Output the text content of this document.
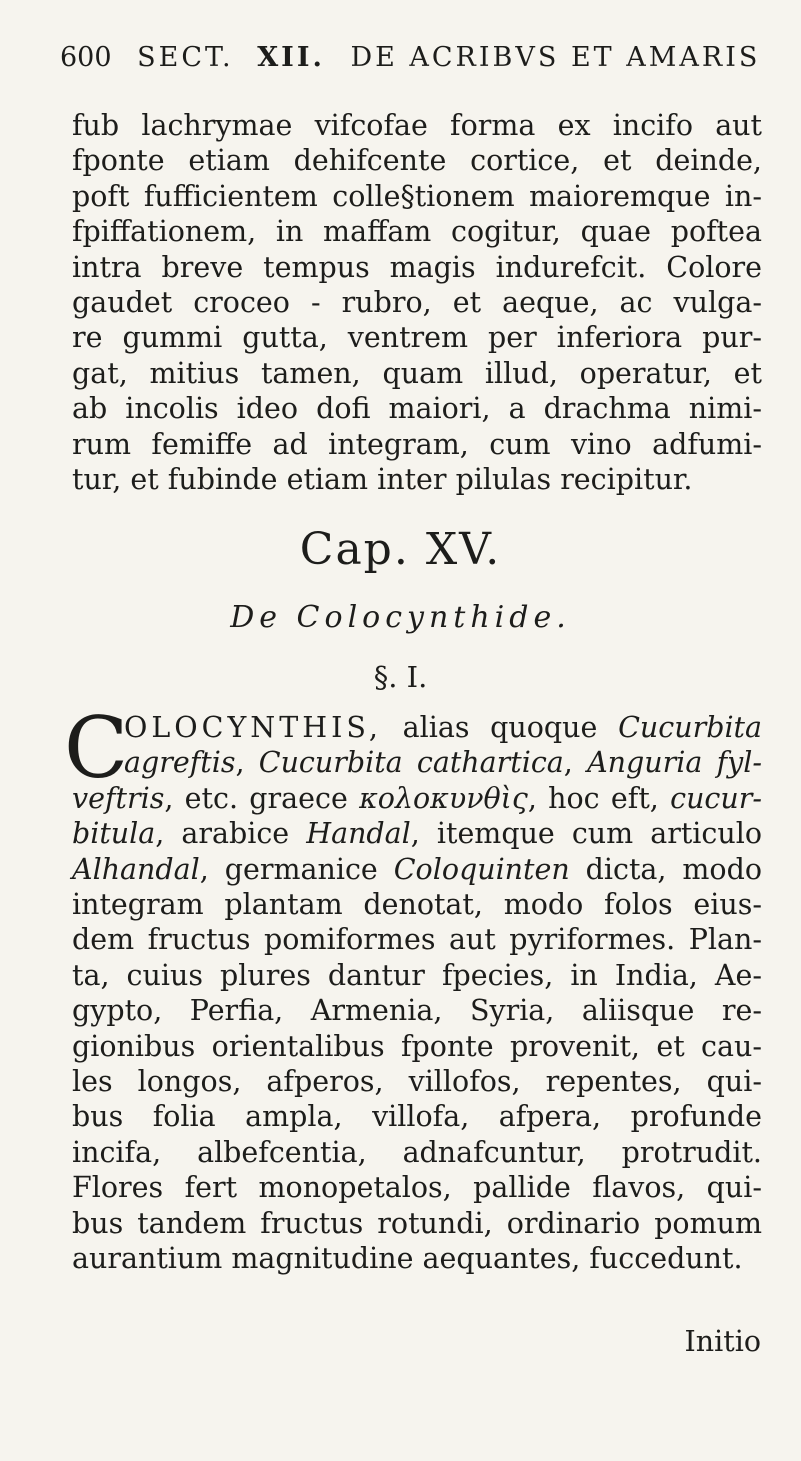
600 SECT. XII. DE ACRIBVS ET AMARIS
fub lachrymae vifcofae forma ex incifo aut
fponte etiam dehifcente cortice, et deinde,
poft fufficientem colle§tionem maioremque in-
fpiffationem, in maffam cogitur, quae poftea
intra breve tempus magis indurefcit. Colore
gaudet croceo - rubro, et aeque, ac vulga-
re gummi gutta, ventrem per inferiora pur-
gat, mitius tamen, quam illud, operatur, et
ab incolis ideo dofi maiori, a drachma nimi-
rum femiffe ad integram, cum vino adfumi-
tur, et fubinde etiam inter pilulas recipitur.
Cap. XV.
De Colocynthide.
§. I.
C
OLOCYNTHIS, alias quoque Cucurbita
agreftis, Cucurbita cathartica, Anguria fyl-
veftris, etc. graece κολοκυνθὶς, hoc eft, cucur-
bitula, arabice Handal, itemque cum articulo
Alhandal, germanice Coloquinten dicta, modo
integram plantam denotat, modo folos eius-
dem fructus pomiformes aut pyriformes. Plan-
ta, cuius plures dantur fpecies, in India, Ae-
gypto, Perfia, Armenia, Syria, aliisque re-
gionibus orientalibus fponte provenit, et cau-
les longos, afperos, villofos, repentes, qui-
bus folia ampla, villofa, afpera, profunde
incifa, albefcentia, adnafcuntur, protrudit.
Flores fert monopetalos, pallide flavos, qui-
bus tandem fructus rotundi, ordinario pomum
aurantium magnitudine aequantes, fuccedunt.
Initio
